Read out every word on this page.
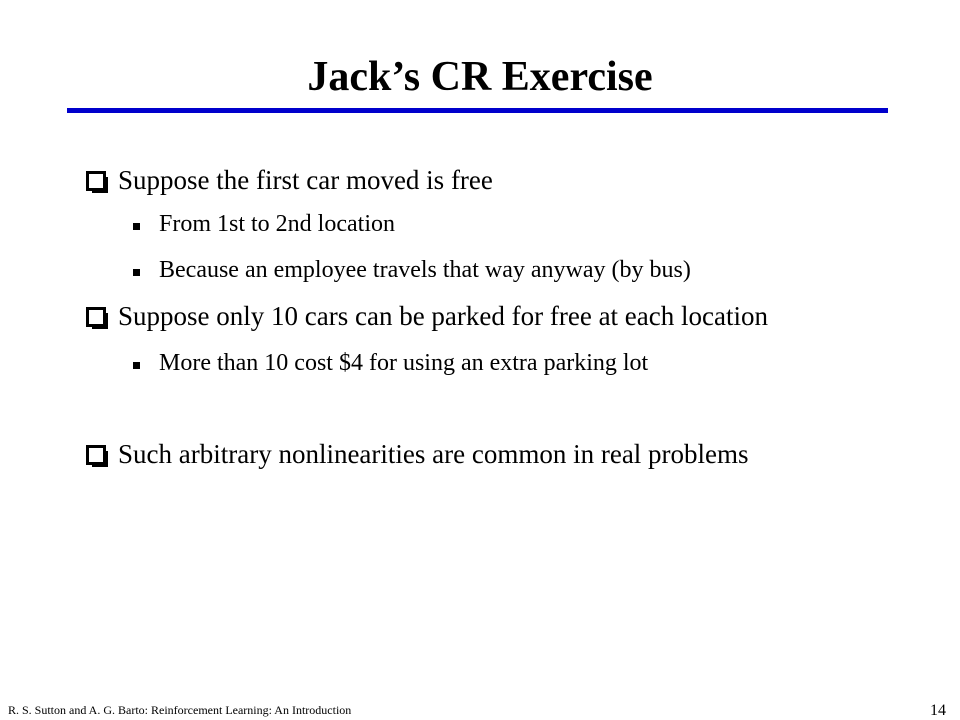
Jack’s CR Exercise
Suppose the first car moved is free
From 1st to 2nd location
Because an employee travels that way anyway (by bus)
Suppose only 10 cars can be parked for free at each location
More than 10 cost $4 for using an extra parking lot
Such arbitrary nonlinearities are common in real problems
R. S. Sutton and A. G. Barto: Reinforcement Learning: An Introduction	14
